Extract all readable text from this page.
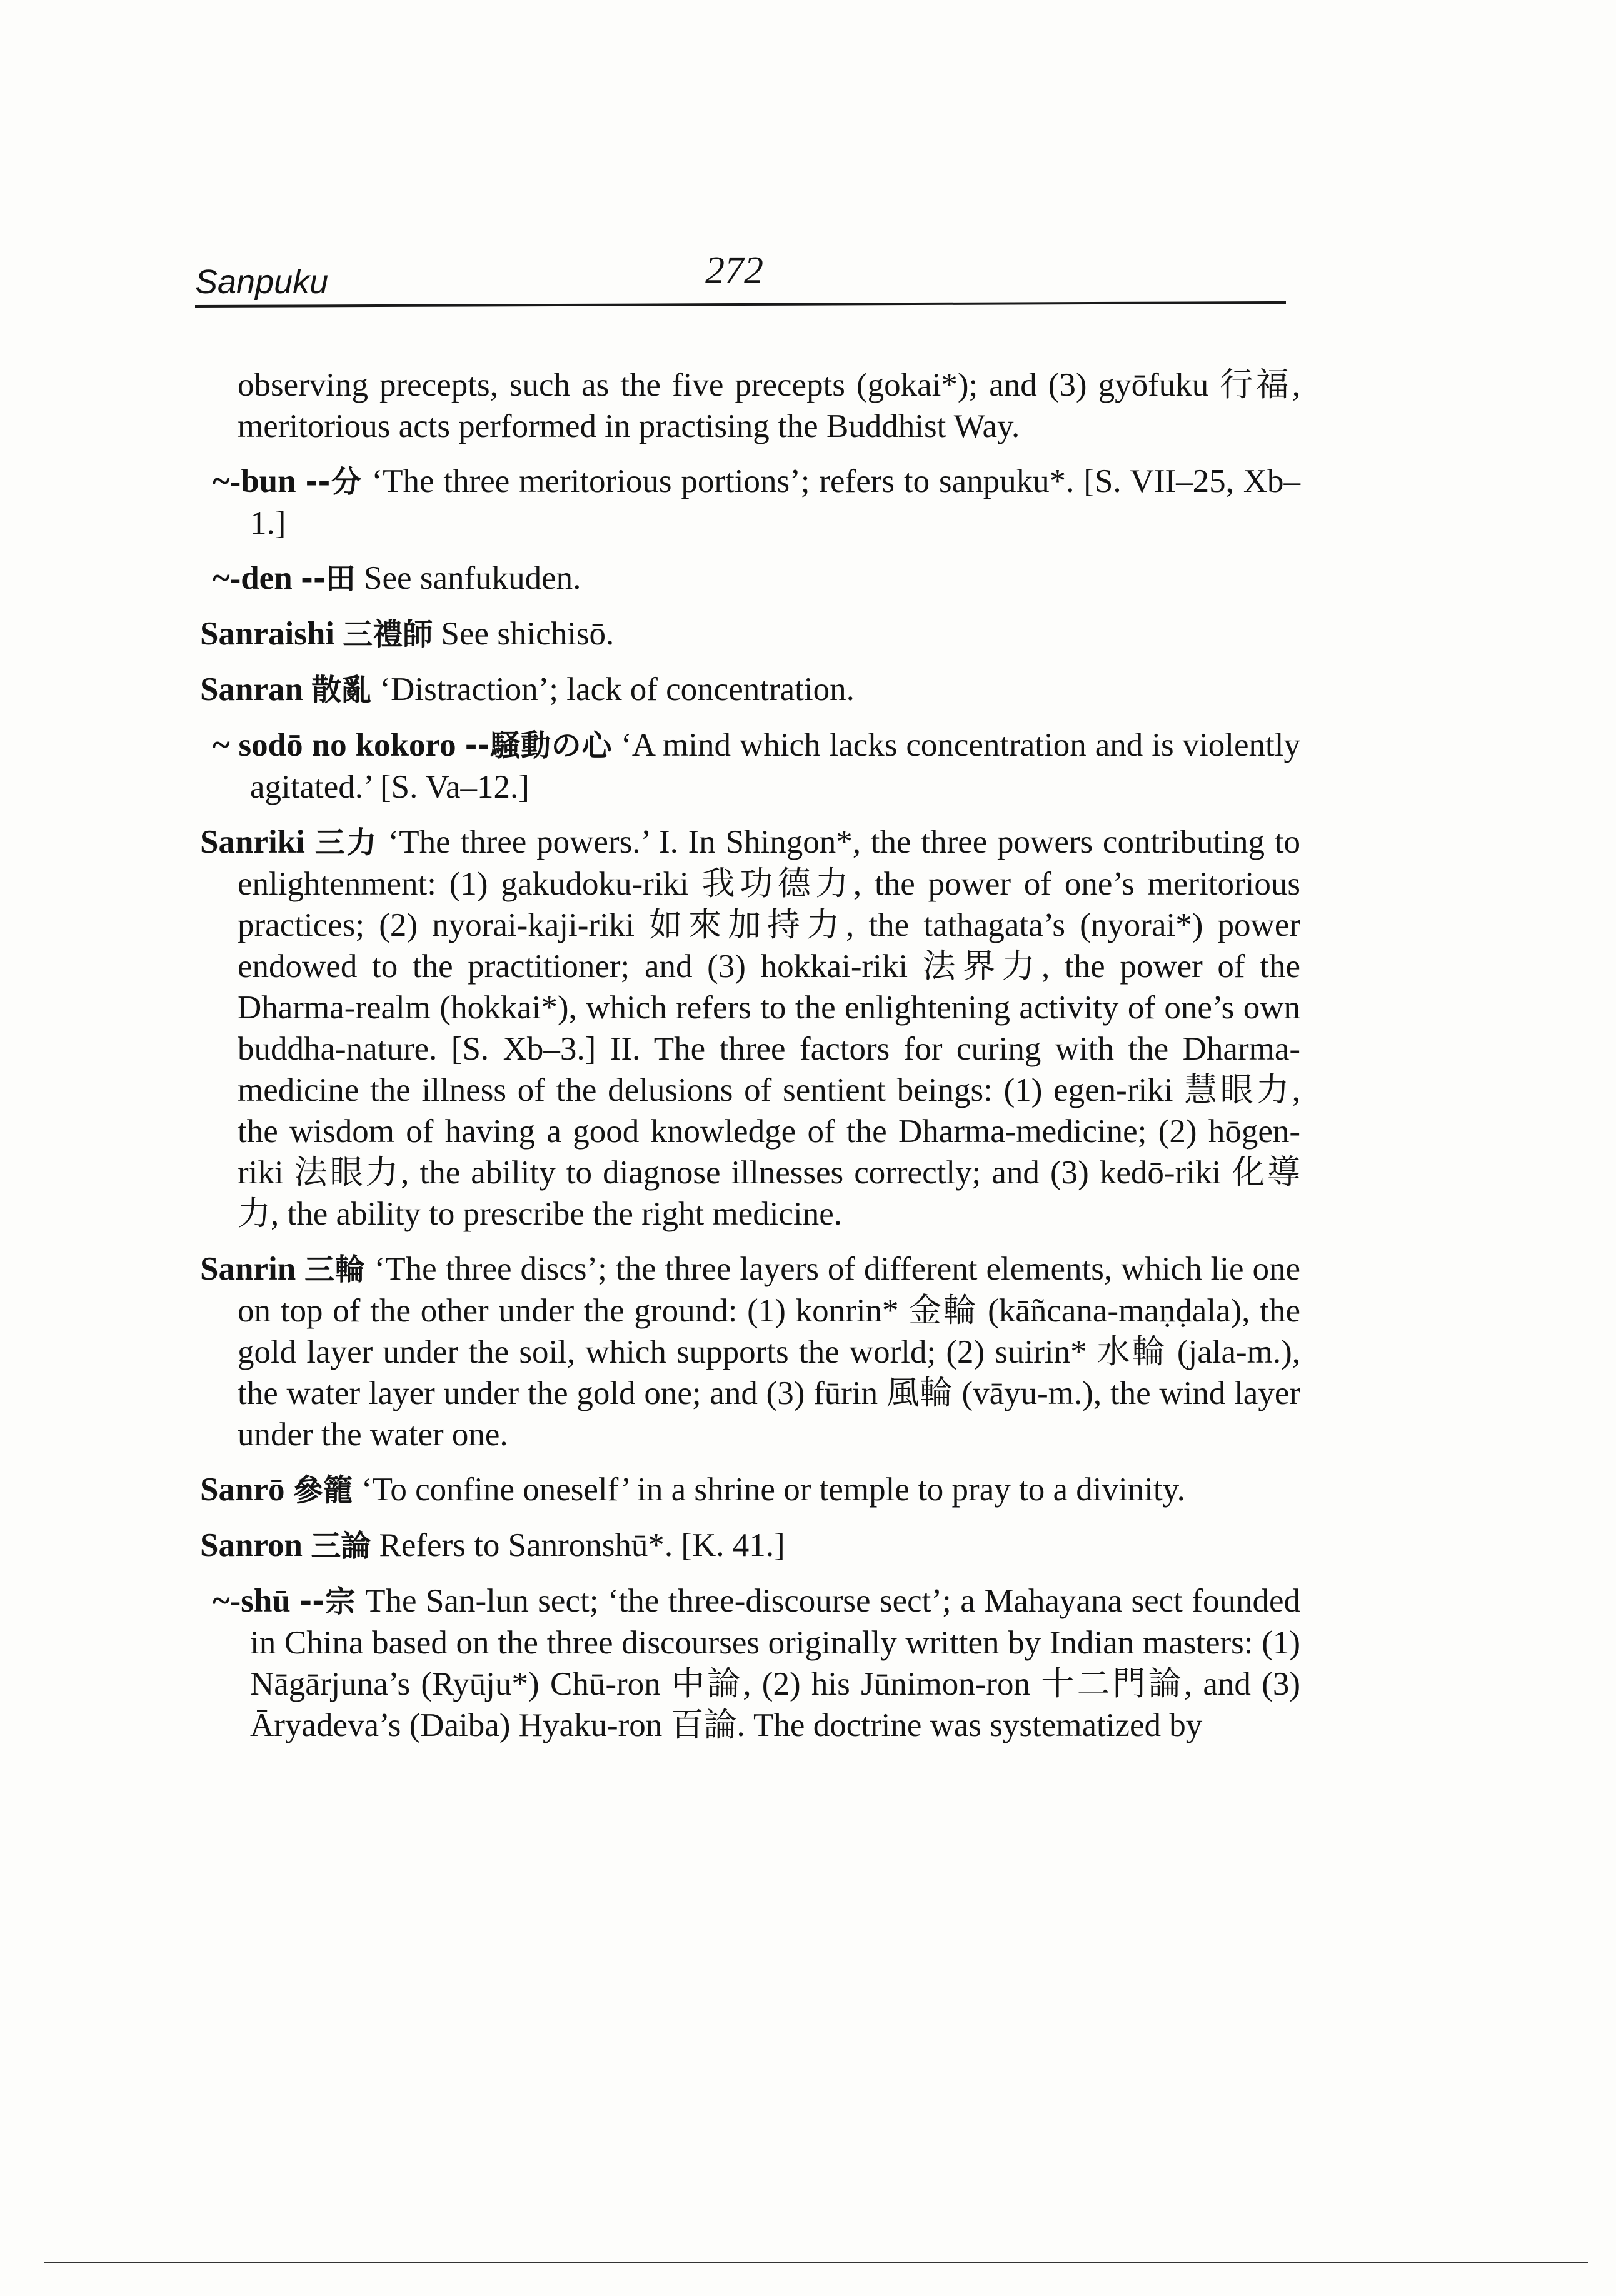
Sanpuku	272

observing precepts, such as the five precepts (gokai*); and (3) gyōfuku 行福, meritorious acts performed in practising the Buddhist Way.

~-bun --分 ‘The three meritorious portions’; refers to sanpuku*. [S. VII–25, Xb–1.]

~-den --田 See sanfukuden.

Sanraishi 三禮師 See shichisō.

Sanran 散亂 ‘Distraction’; lack of concentration.

~ sodō no kokoro --騒動の心 ‘A mind which lacks concentration and is violently agitated.’ [S. Va–12.]

Sanriki 三力 ‘The three powers.’ I. In Shingon*, the three powers contributing to enlightenment: (1) gakudoku-riki 我功德力, the power of one’s meritorious practices; (2) nyorai-kaji-riki 如來加持力, the tathagata’s (nyorai*) power endowed to the practitioner; and (3) hokkai-riki 法界力, the power of the Dharma-realm (hokkai*), which refers to the enlightening activity of one’s own buddha-nature. [S. Xb–3.] II. The three factors for curing with the Dharma-medicine the illness of the delusions of sentient beings: (1) egen-riki 慧眼力, the wisdom of having a good knowledge of the Dharma-medicine; (2) hōgen-riki 法眼力, the ability to diagnose illnesses correctly; and (3) kedō-riki 化導力, the ability to prescribe the right medicine.

Sanrin 三輪 ‘The three discs’; the three layers of different elements, which lie one on top of the other under the ground: (1) konrin* 金輪 (kāñcana-maṇḍala), the gold layer under the soil, which supports the world; (2) suirin* 水輪 (jala-m.), the water layer under the gold one; and (3) fūrin 風輪 (vāyu-m.), the wind layer under the water one.

Sanrō 參籠 ‘To confine oneself’ in a shrine or temple to pray to a divinity.

Sanron 三論 Refers to Sanronshū*. [K. 41.]

~-shū --宗 The San-lun sect; ‘the three-discourse sect’; a Mahayana sect founded in China based on the three discourses originally written by Indian masters: (1) Nāgārjuna’s (Ryūju*) Chū-ron 中論, (2) his Jūnimon-ron 十二門論, and (3) Āryadeva’s (Daiba) Hyaku-ron 百論. The doctrine was systematized by
